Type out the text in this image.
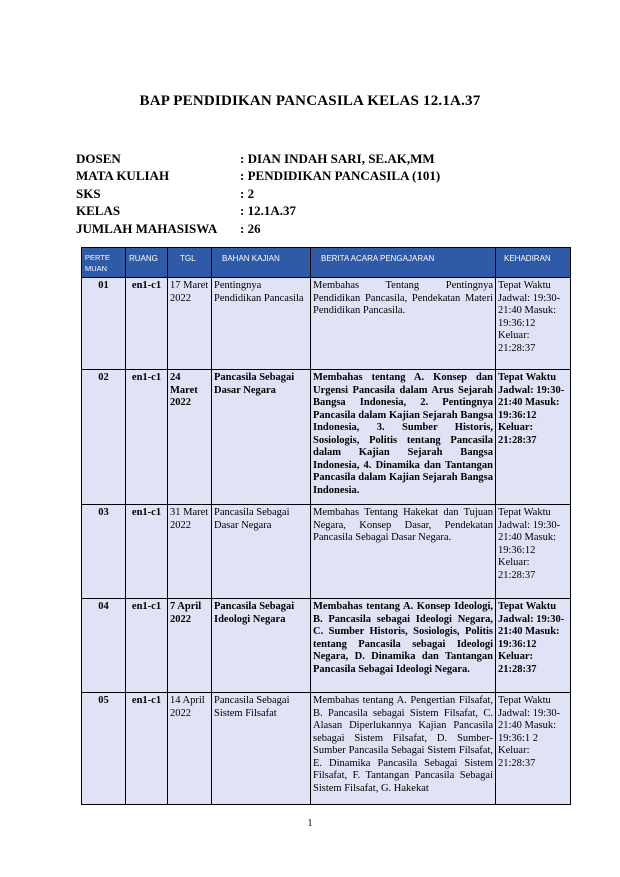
BAP PENDIDIKAN PANCASILA KELAS 12.1A.37
DOSEN	: DIAN INDAH SARI, SE.AK,MM
MATA KULIAH	: PENDIDIKAN PANCASILA (101)
SKS	: 2
KELAS	: 12.1A.37
JUMLAH MAHASISWA	: 26
PERTE MUAN	RUANG	TGL	BAHAN KAJIAN	BERITA ACARA PENGAJARAN	KEHADIRAN
01	en1-c1	17 Maret 2022	Pentingnya Pendidikan Pancasila	Membahas Tentang Pentingnya Pendidikan Pancasila, Pendekatan Materi Pendidikan Pancasila.	Tepat Waktu Jadwal: 19:30-21:40 Masuk: 19:36:12 Keluar: 21:28:37
02	en1-c1	24 Maret 2022	Pancasila Sebagai Dasar Negara	Membahas tentang A. Konsep dan Urgensi Pancasila dalam Arus Sejarah Bangsa Indonesia, 2. Pentingnya Pancasila dalam Kajian Sejarah Bangsa Indonesia, 3. Sumber Historis, Sosiologis, Politis tentang Pancasila dalam Kajian Sejarah Bangsa Indonesia, 4. Dinamika dan Tantangan Pancasila dalam Kajian Sejarah Bangsa Indonesia.	Tepat Waktu Jadwal: 19:30-21:40 Masuk: 19:36:12 Keluar: 21:28:37
03	en1-c1	31 Maret 2022	Pancasila Sebagai Dasar Negara	Membahas Tentang Hakekat dan Tujuan Negara, Konsep Dasar, Pendekatan Pancasila Sebagai Dasar Negara.	Tepat Waktu Jadwal: 19:30-21:40 Masuk: 19:36:12 Keluar: 21:28:37
04	en1-c1	7 April 2022	Pancasila Sebagai Ideologi Negara	Membahas tentang A. Konsep Ideologi, B. Pancasila sebagai Ideologi Negara, C. Sumber Historis, Sosiologis, Politis tentang Pancasila sebagai Ideologi Negara, D. Dinamika dan Tantangan Pancasila Sebagai Ideologi Negara.	Tepat Waktu Jadwal: 19:30-21:40 Masuk: 19:36:12 Keluar: 21:28:37
05	en1-c1	14 April 2022	Pancasila Sebagai Sistem Filsafat	Membahas tentang A. Pengertian Filsafat, B. Pancasila sebagai Sistem Filsafat, C. Alasan Diperlukannya Kajian Pancasila sebagai Sistem Filsafat, D. Sumber-Sumber Pancasila Sebagai Sistem Filsafat, E. Dinamika Pancasila Sebagai Sistem Filsafat, F. Tantangan Pancasila Sebagai Sistem Filsafat, G. Hakekat	Tepat Waktu Jadwal: 19:30-21:40 Masuk: 19:36:1 2 Keluar: 21:28:37
1
